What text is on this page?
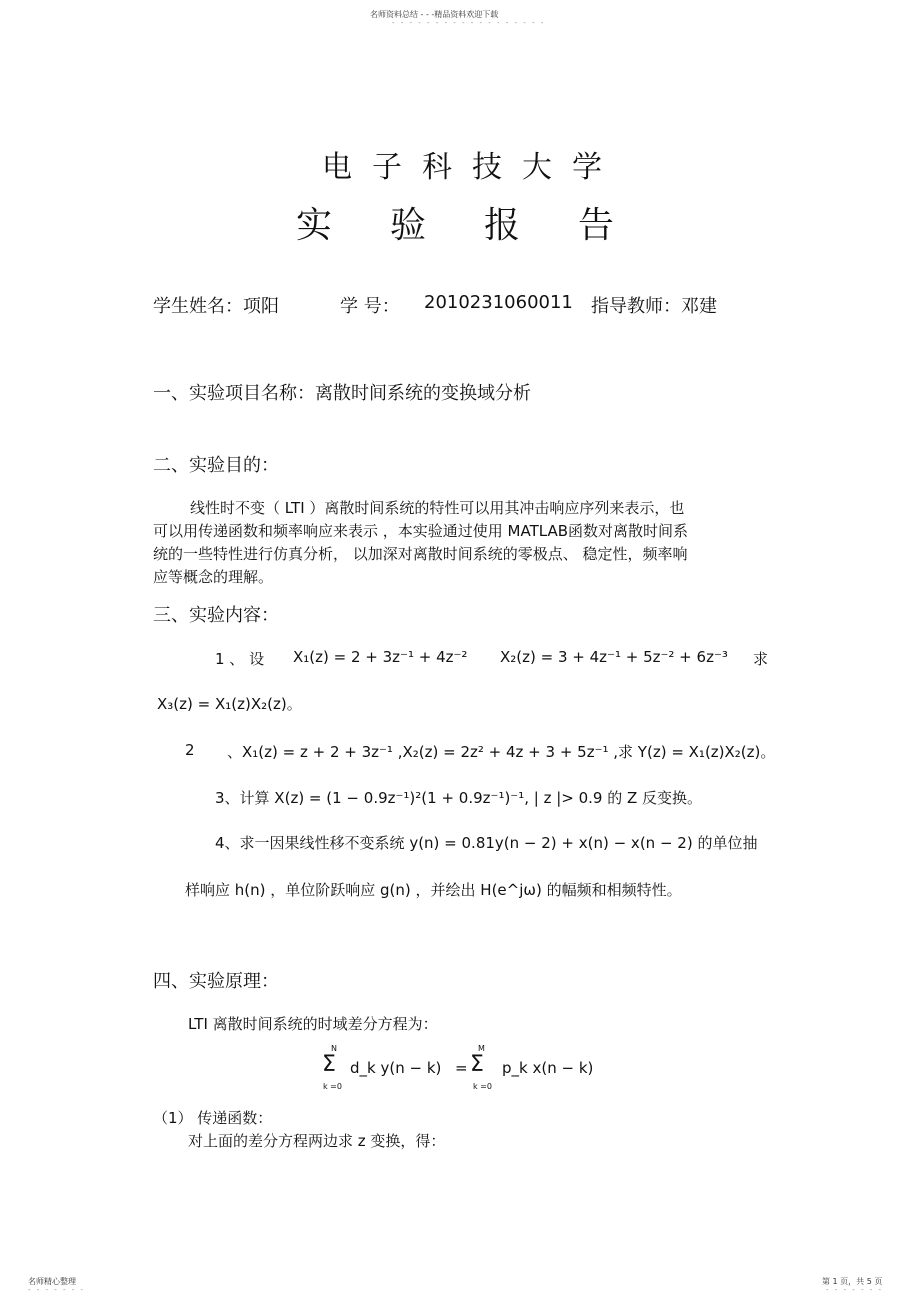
名师资料总结 - - -精品资料欢迎下载
- - - - - - - - - - - - - - - - - -
电子科技大学
实验报告
学生姓名：项阳	学 号： 2010231060011 指导教师：邓建
一、实验项目名称：离散时间系统的变换域分析
二、实验目的：
线性时不变（ LTI ）离散时间系统的特性可以用其冲击响应序列来表示，也
可以用传递函数和频率响应来表示 ，本实验通过使用 MATLAB函数对离散时间系
统的一些特性进行仿真分析， 以加深对离散时间系统的零极点、 稳定性，频率响
应等概念的理解。
三、实验内容：
1 、 设 X₁(z) = 2 + 3z⁻¹ + 4z⁻² X₂(z) = 3 + 4z⁻¹ + 5z⁻² + 6z⁻³ 求
X₃(z) = X₁(z)X₂(z)。
2 、X₁(z) = z + 2 + 3z⁻¹ ,X₂(z) = 2z² + 4z + 3 + 5z⁻¹ ,求 Y(z) = X₁(z)X₂(z)。
3、计算 X(z) = (1 − 0.9z⁻¹)²(1 + 0.9z⁻¹)⁻¹, | z |> 0.9 的 Z 反变换。
4、求一因果线性移不变系统 y(n) = 0.81y(n − 2) + x(n) − x(n − 2) 的单位抽
样响应 h(n) ，单位阶跃响应 g(n) ，并绘出 H(e^jω) 的幅频和相频特性。
四、实验原理：
LTI 离散时间系统的时域差分方程为：
N
Σ
k =0
d_k y(n − k) =
M
Σ
k =0
p_k x(n − k)
（1） 传递函数：
对上面的差分方程两边求 z 变换，得：
名师精心整理
- - - - - - -
第 1 页，共 5 页
- - - - - - -
